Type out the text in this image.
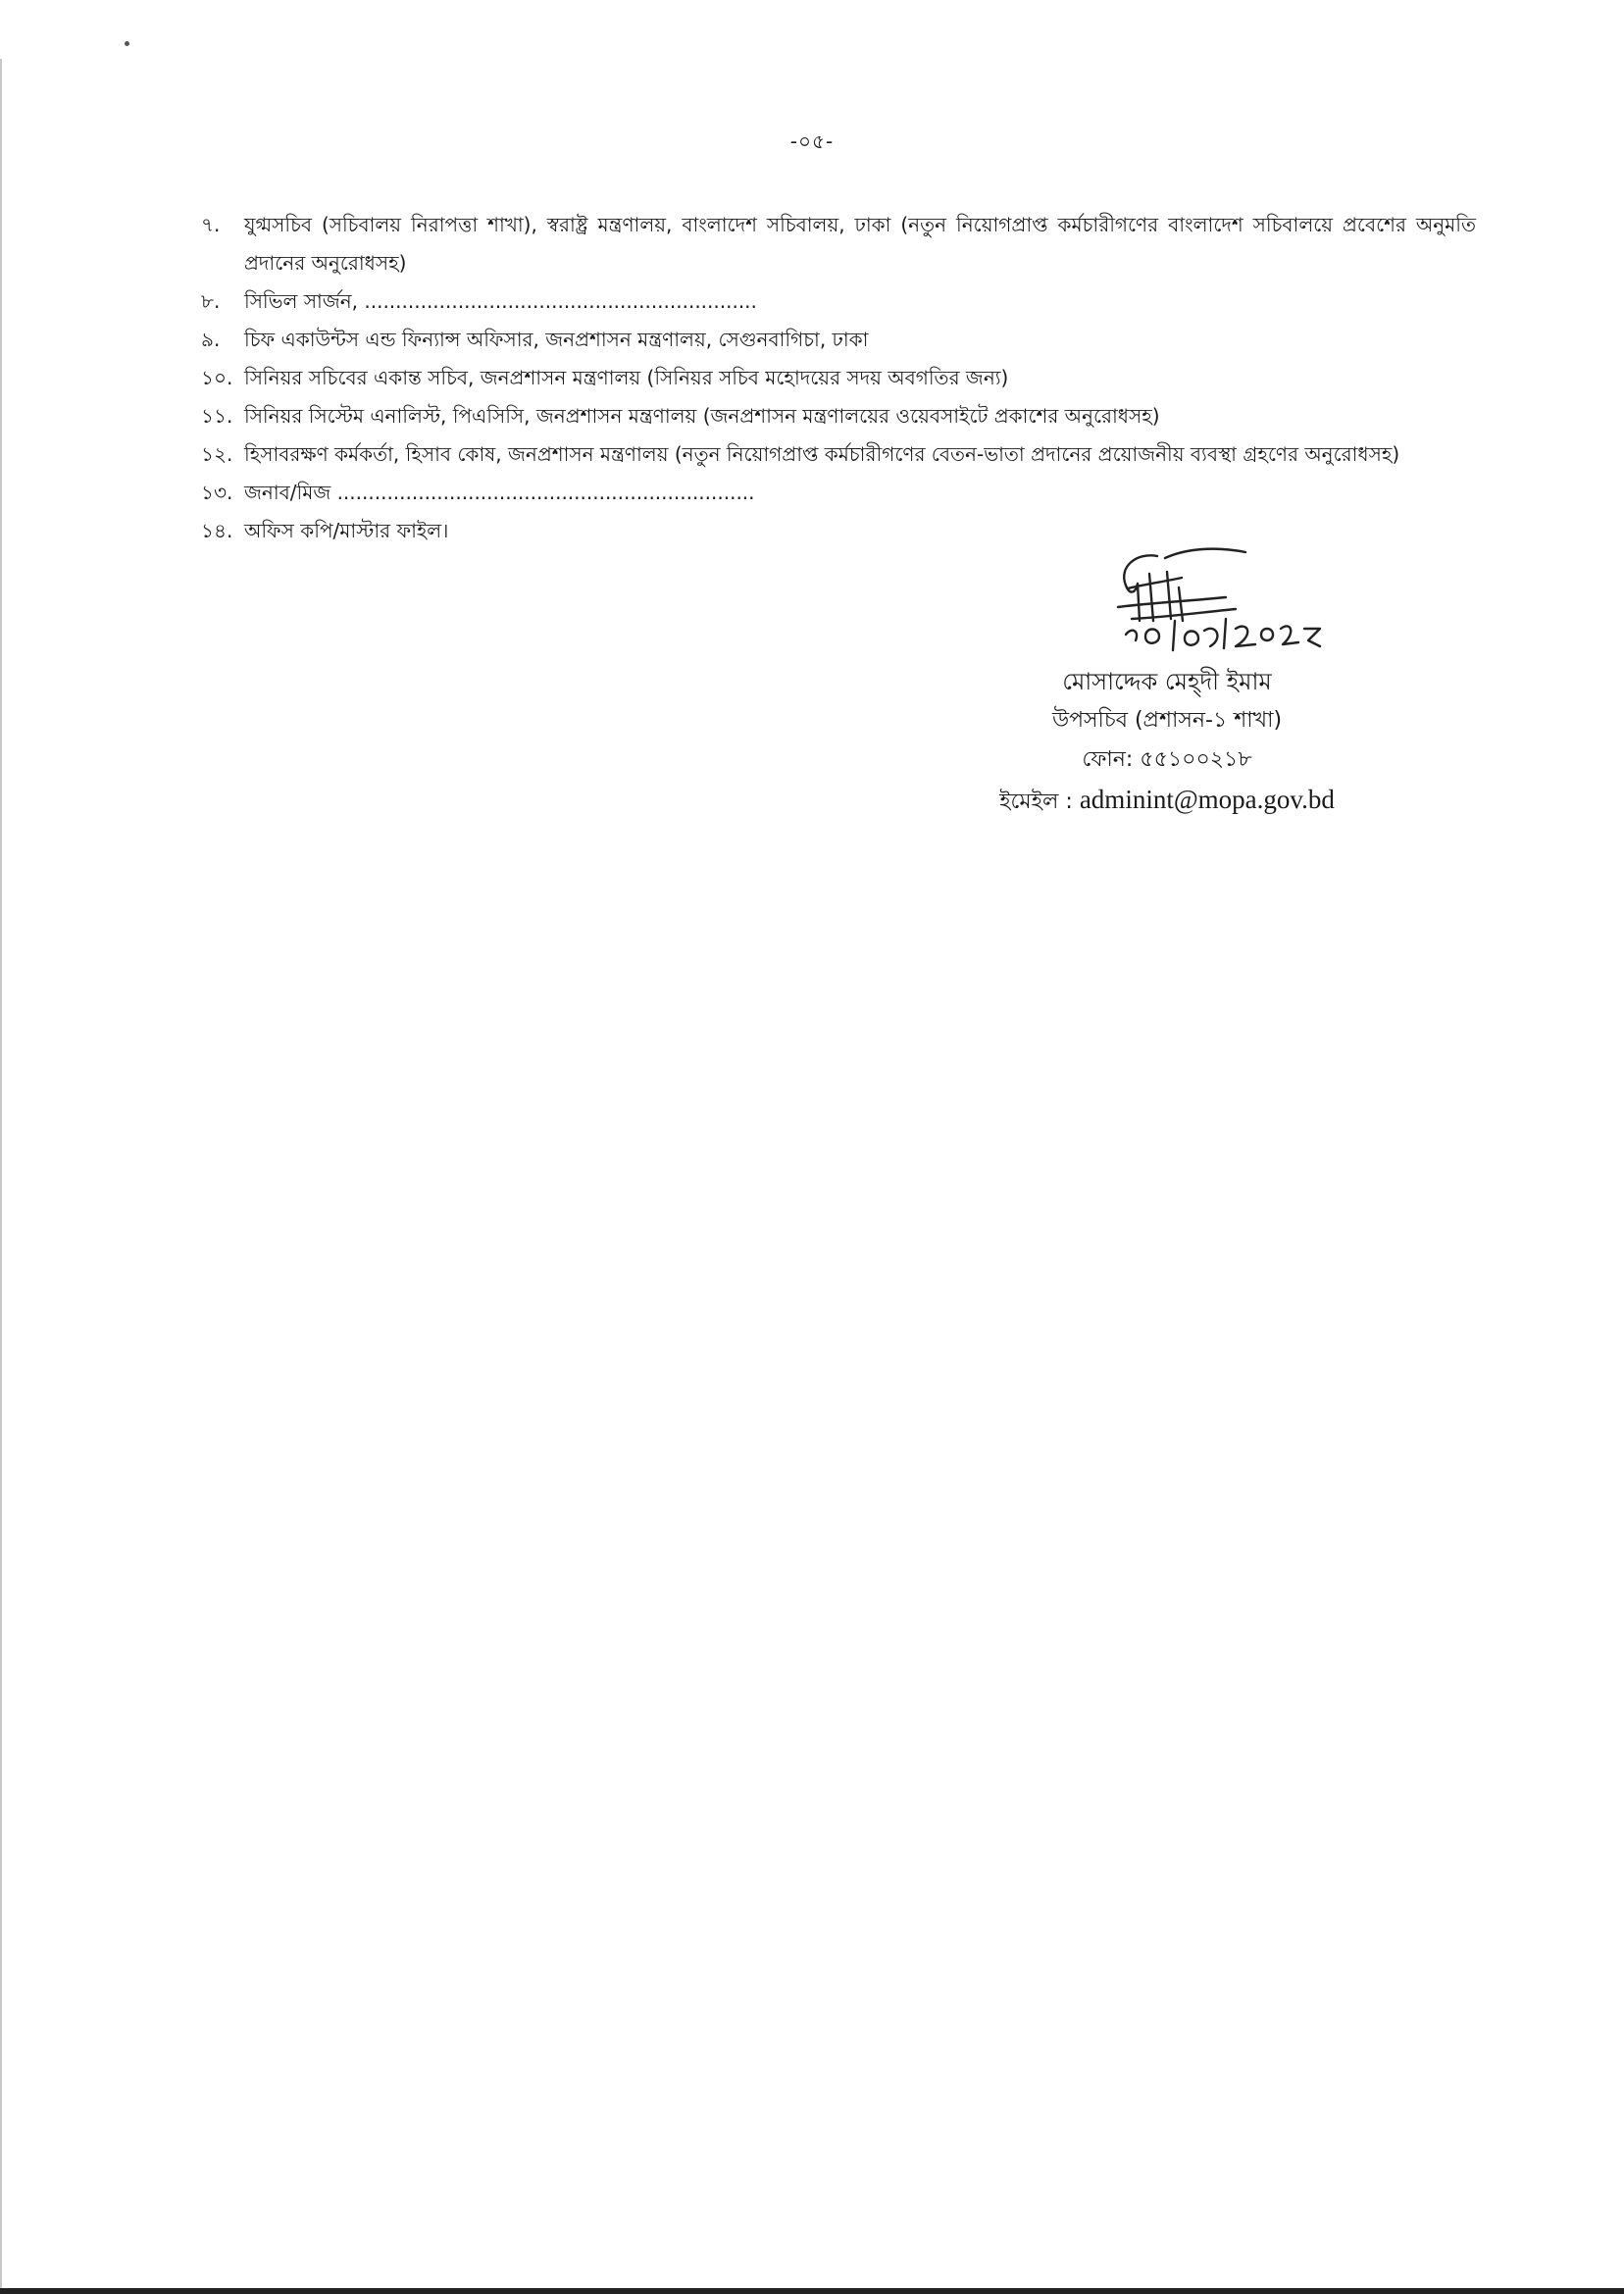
-০৫-
৭.	যুগ্মসচিব (সচিবালয় নিরাপত্তা শাখা), স্বরাষ্ট্র মন্ত্রণালয়, বাংলাদেশ সচিবালয়, ঢাকা (নতুন নিয়োগপ্রাপ্ত কর্মচারীগণের বাংলাদেশ সচিবালয়ে প্রবেশের অনুমতি প্রদানের অনুরোধসহ)
৮.	সিভিল সার্জন, ...............................................................
৯.	চিফ একাউন্টস এন্ড ফিন্যান্স অফিসার, জনপ্রশাসন মন্ত্রণালয়, সেগুনবাগিচা, ঢাকা
১০. সিনিয়র সচিবের একান্ত সচিব, জনপ্রশাসন মন্ত্রণালয় (সিনিয়র সচিব মহোদয়ের সদয় অবগতির জন্য)
১১. সিনিয়র সিস্টেম এনালিস্ট, পিএসিসি, জনপ্রশাসন মন্ত্রণালয় (জনপ্রশাসন মন্ত্রণালয়ের ওয়েবসাইটে প্রকাশের অনুরোধসহ)
১২. হিসাবরক্ষণ কর্মকর্তা, হিসাব কোষ, জনপ্রশাসন মন্ত্রণালয় (নতুন নিয়োগপ্রাপ্ত কর্মচারীগণের বেতন-ভাতা প্রদানের প্রয়োজনীয় ব্যবস্থা গ্রহণের অনুরোধসহ)
১৩. জনাব/মিজ ...................................................................
১৪. অফিস কপি/মাস্টার ফাইল।
মোসাদ্দেক মেহ্‌দী ইমাম
উপসচিব (প্রশাসন-১ শাখা)
ফোন: ৫৫১০০২১৮
ইমেইল : adminint@mopa.gov.bd
